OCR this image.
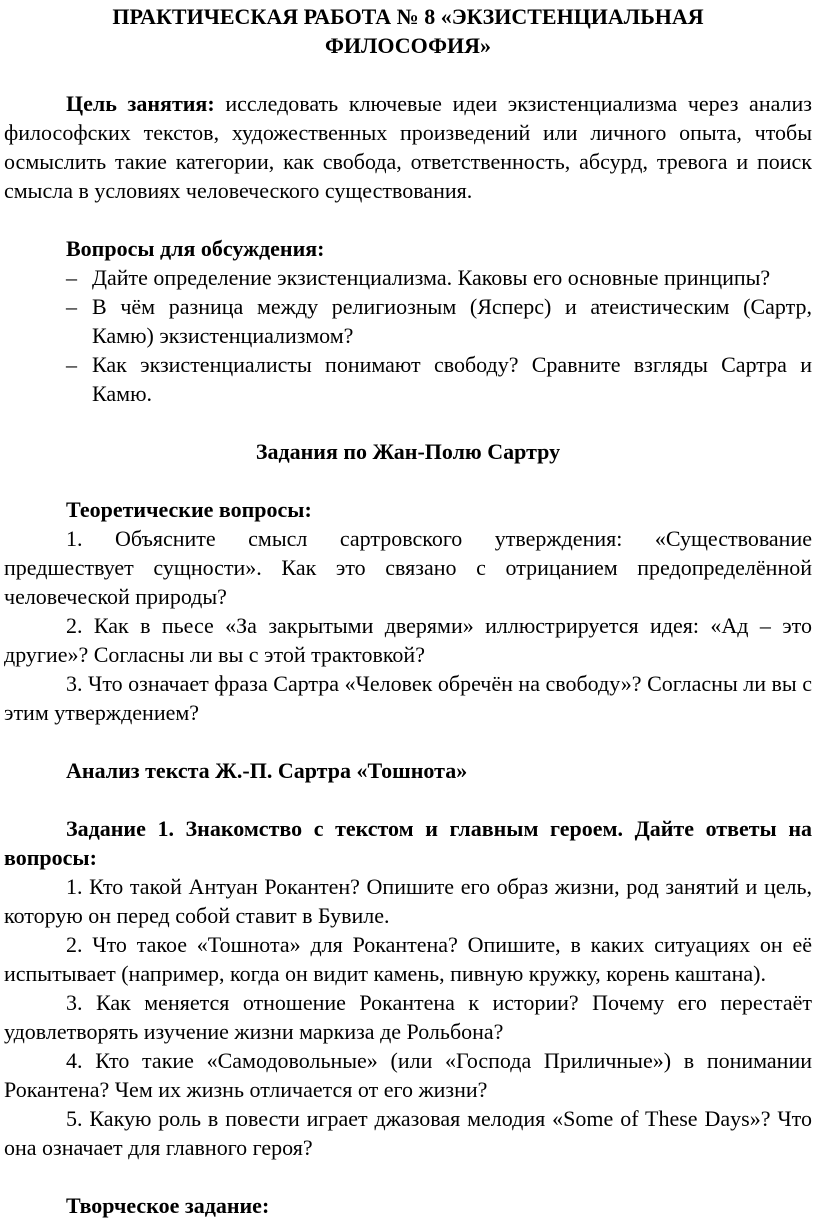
ПРАКТИЧЕСКАЯ РАБОТА № 8 «ЭКЗИСТЕНЦИАЛЬНАЯ ФИЛОСОФИЯ»

Цель занятия: исследовать ключевые идеи экзистенциализма через анализ философских текстов, художественных произведений или личного опыта, чтобы осмыслить такие категории, как свобода, ответственность, абсурд, тревога и поиск смысла в условиях человеческого существования.

Вопросы для обсуждения:

– Дайте определение экзистенциализма. Каковы его основные принципы?
– В чём разница между религиозным (Ясперс) и атеистическим (Сартр, Камю) экзистенциализмом?
– Как экзистенциалисты понимают свободу? Сравните взгляды Сартра и Камю.

Задания по Жан-Полю Сартру

Теоретические вопросы:

1. Объясните смысл сартровского утверждения: «Существование предшествует сущности». Как это связано с отрицанием предопределённой человеческой природы?

2. Как в пьесе «За закрытыми дверями» иллюстрируется идея: «Ад – это другие»? Согласны ли вы с этой трактовкой?

3. Что означает фраза Сартра «Человек обречён на свободу»? Согласны ли вы с этим утверждением?

Анализ текста Ж.-П. Сартра «Тошнота»

Задание 1. Знакомство с текстом и главным героем. Дайте ответы на вопросы:

1. Кто такой Антуан Рокантен? Опишите его образ жизни, род занятий и цель, которую он перед собой ставит в Бувиле.

2. Что такое «Тошнота» для Рокантена? Опишите, в каких ситуациях он её испытывает (например, когда он видит камень, пивную кружку, корень каштана).

3. Как меняется отношение Рокантена к истории? Почему его перестаёт удовлетворять изучение жизни маркиза де Рольбона?

4. Кто такие «Самодовольные» (или «Господа Приличные») в понимании Рокантена? Чем их жизнь отличается от его жизни?

5. Какую роль в повести играет джазовая мелодия «Some of These Days»? Что она означает для главного героя?

Творческое задание:
